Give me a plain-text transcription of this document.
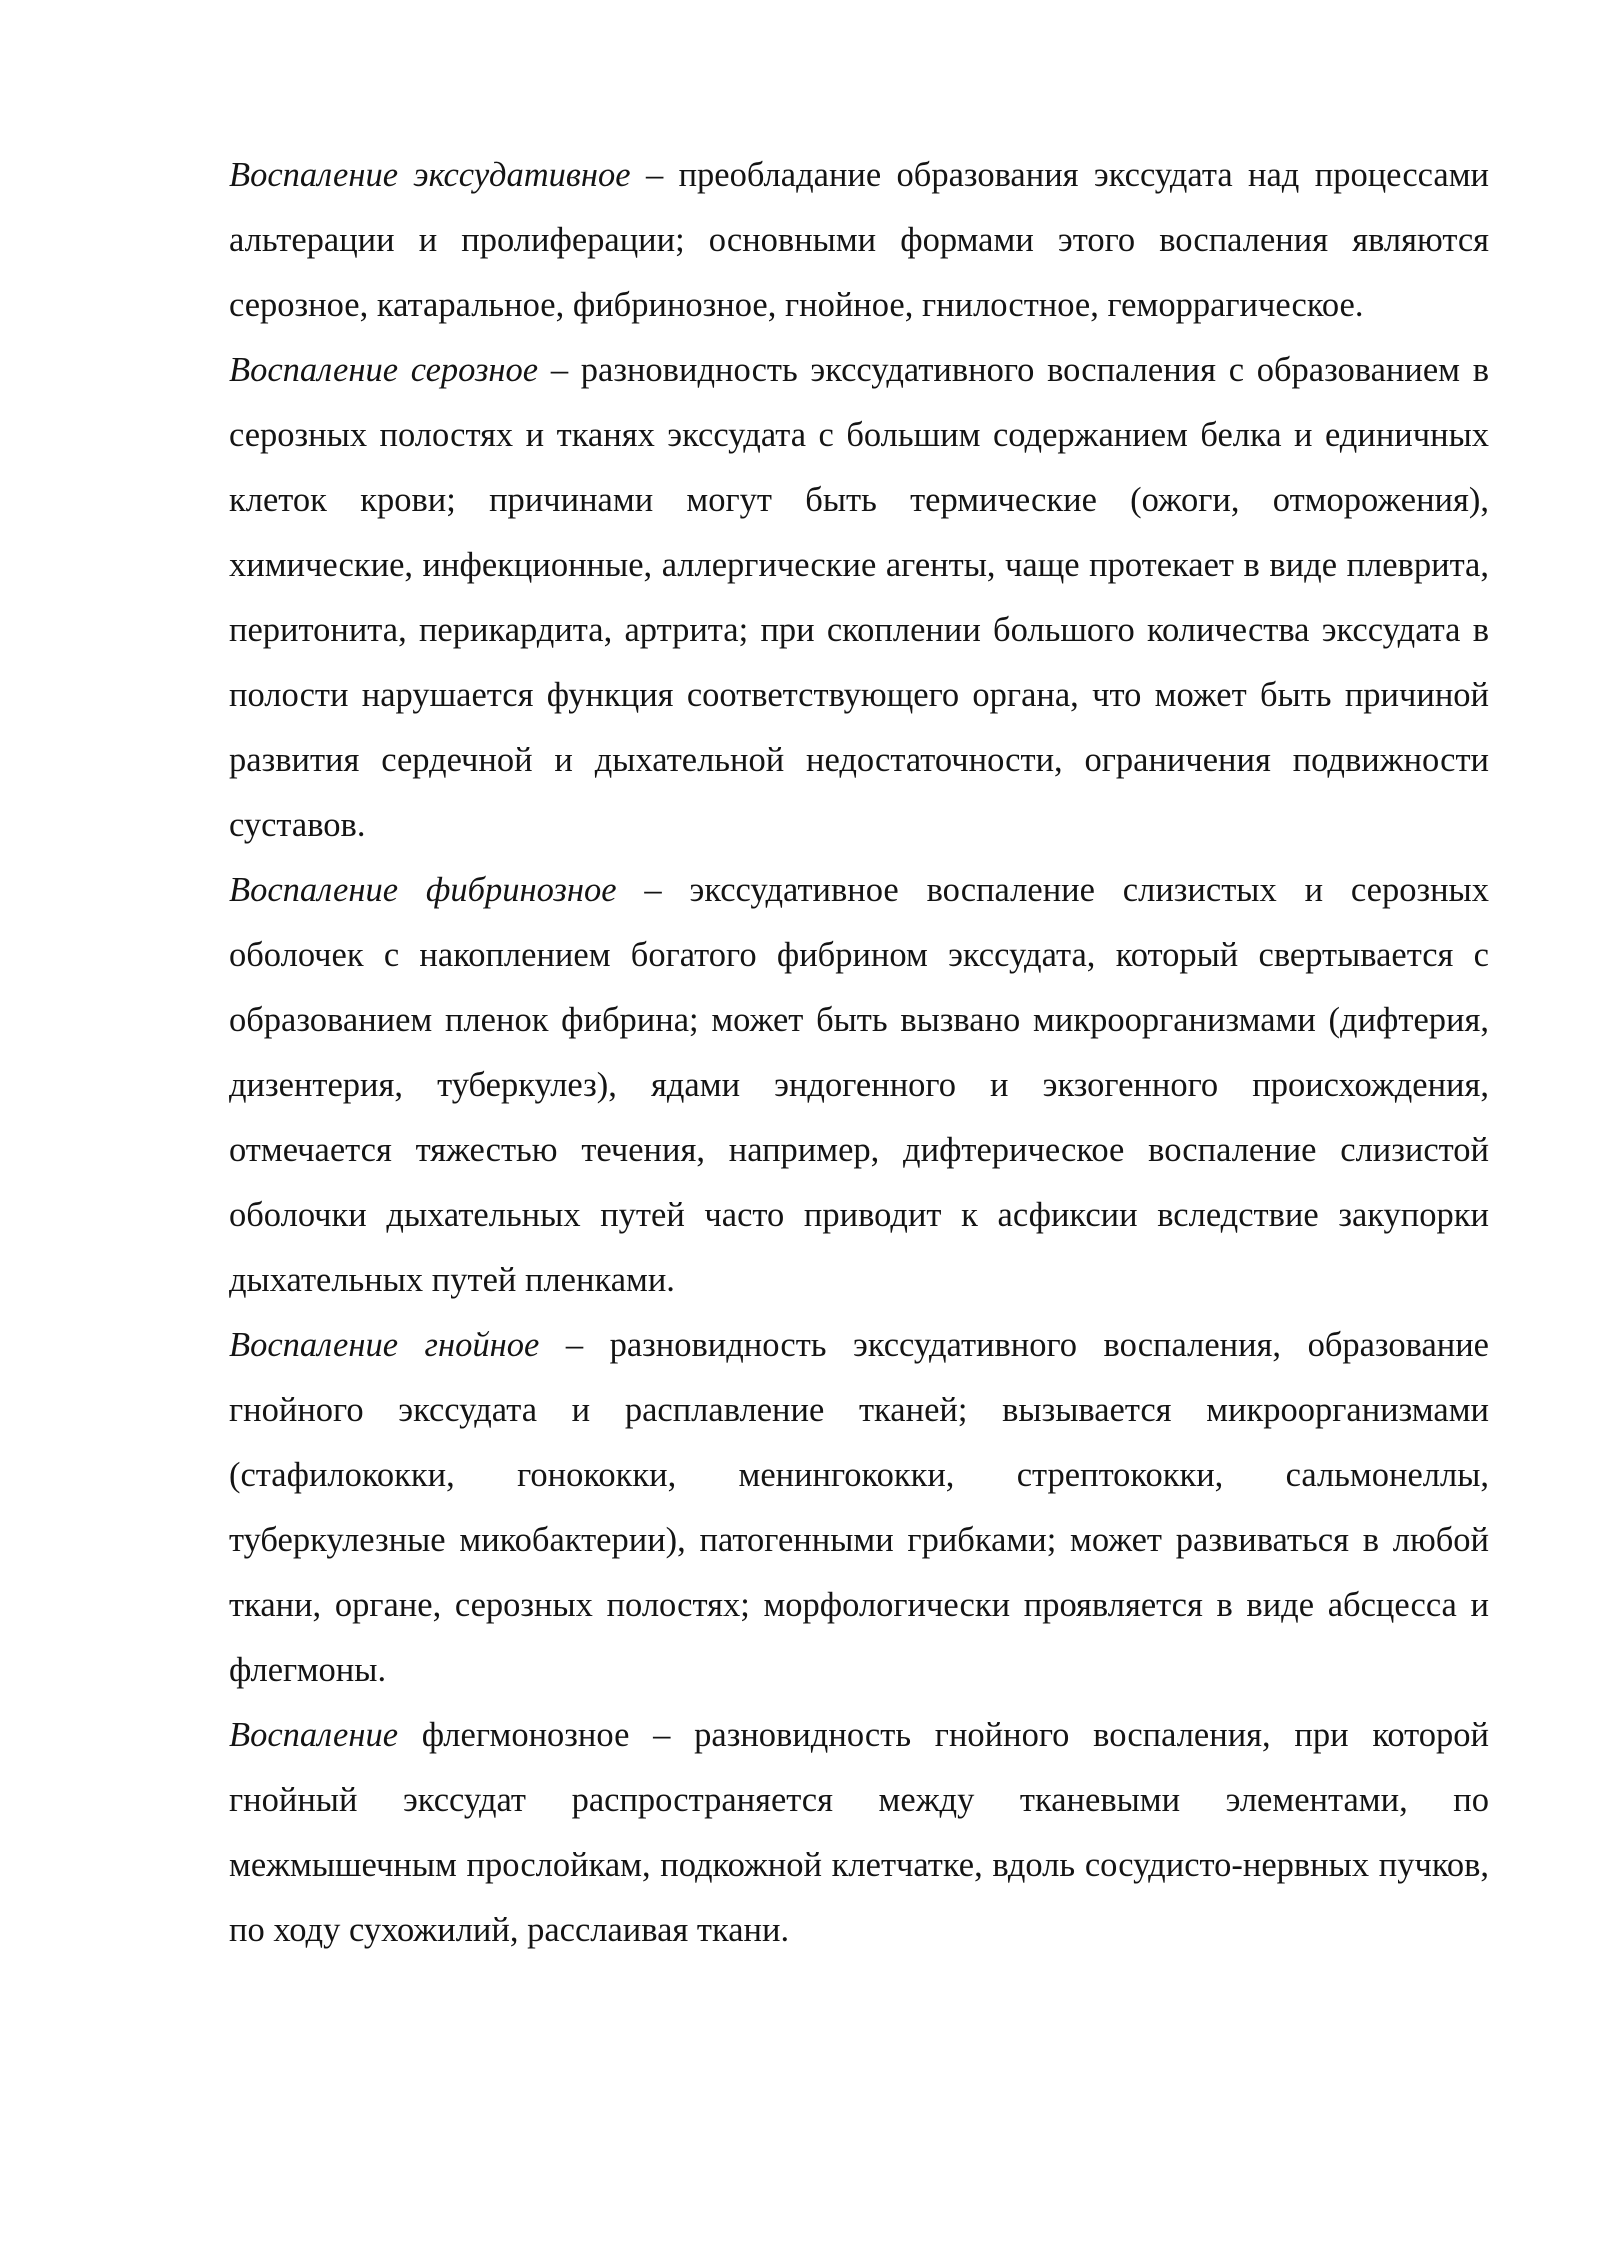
Воспаление экссудативное – преобладание образования экссудата над процессами альтерации и пролиферации; основными формами этого воспаления являются серозное, катаральное, фибринозное, гнойное, гнилостное, геморрагическое.

Воспаление серозное – разновидность экссудативного воспаления с образованием в серозных полостях и тканях экссудата с большим содержанием белка и единичных клеток крови; причинами могут быть термические (ожоги, отморожения), химические, инфекционные, аллергические агенты, чаще протекает в виде плеврита, перитонита, перикардита, артрита; при скоплении большого количества экссудата в полости нарушается функция соответствующего органа, что может быть причиной развития сердечной и дыхательной недостаточности, ограничения подвижности суставов.

Воспаление фибринозное – экссудативное воспаление слизистых и серозных оболочек с накоплением богатого фибрином экссудата, который свертывается с образованием пленок фибрина; может быть вызвано микроорганизмами (дифтерия, дизентерия, туберкулез), ядами эндогенного и экзогенного происхождения, отмечается тяжестью течения, например, дифтерическое воспаление слизистой оболочки дыхательных путей часто приводит к асфиксии вследствие закупорки дыхательных путей пленками.

Воспаление гнойное – разновидность экссудативного воспаления, образование гнойного экссудата и расплавление тканей; вызывается микроорганизмами (стафилококки, гонококки, менингококки, стрептококки, сальмонеллы, туберкулезные микобактерии), патогенными грибками; может развиваться в любой ткани, органе, серозных полостях; морфологически проявляется в виде абсцесса и флегмоны.

Воспаление флегмонозное – разновидность гнойного воспаления, при которой гнойный экссудат распространяется между тканевыми элементами, по межмышечным прослойкам, подкожной клетчатке, вдоль сосудисто-нервных пучков, по ходу сухожилий, расслаивая ткани.
